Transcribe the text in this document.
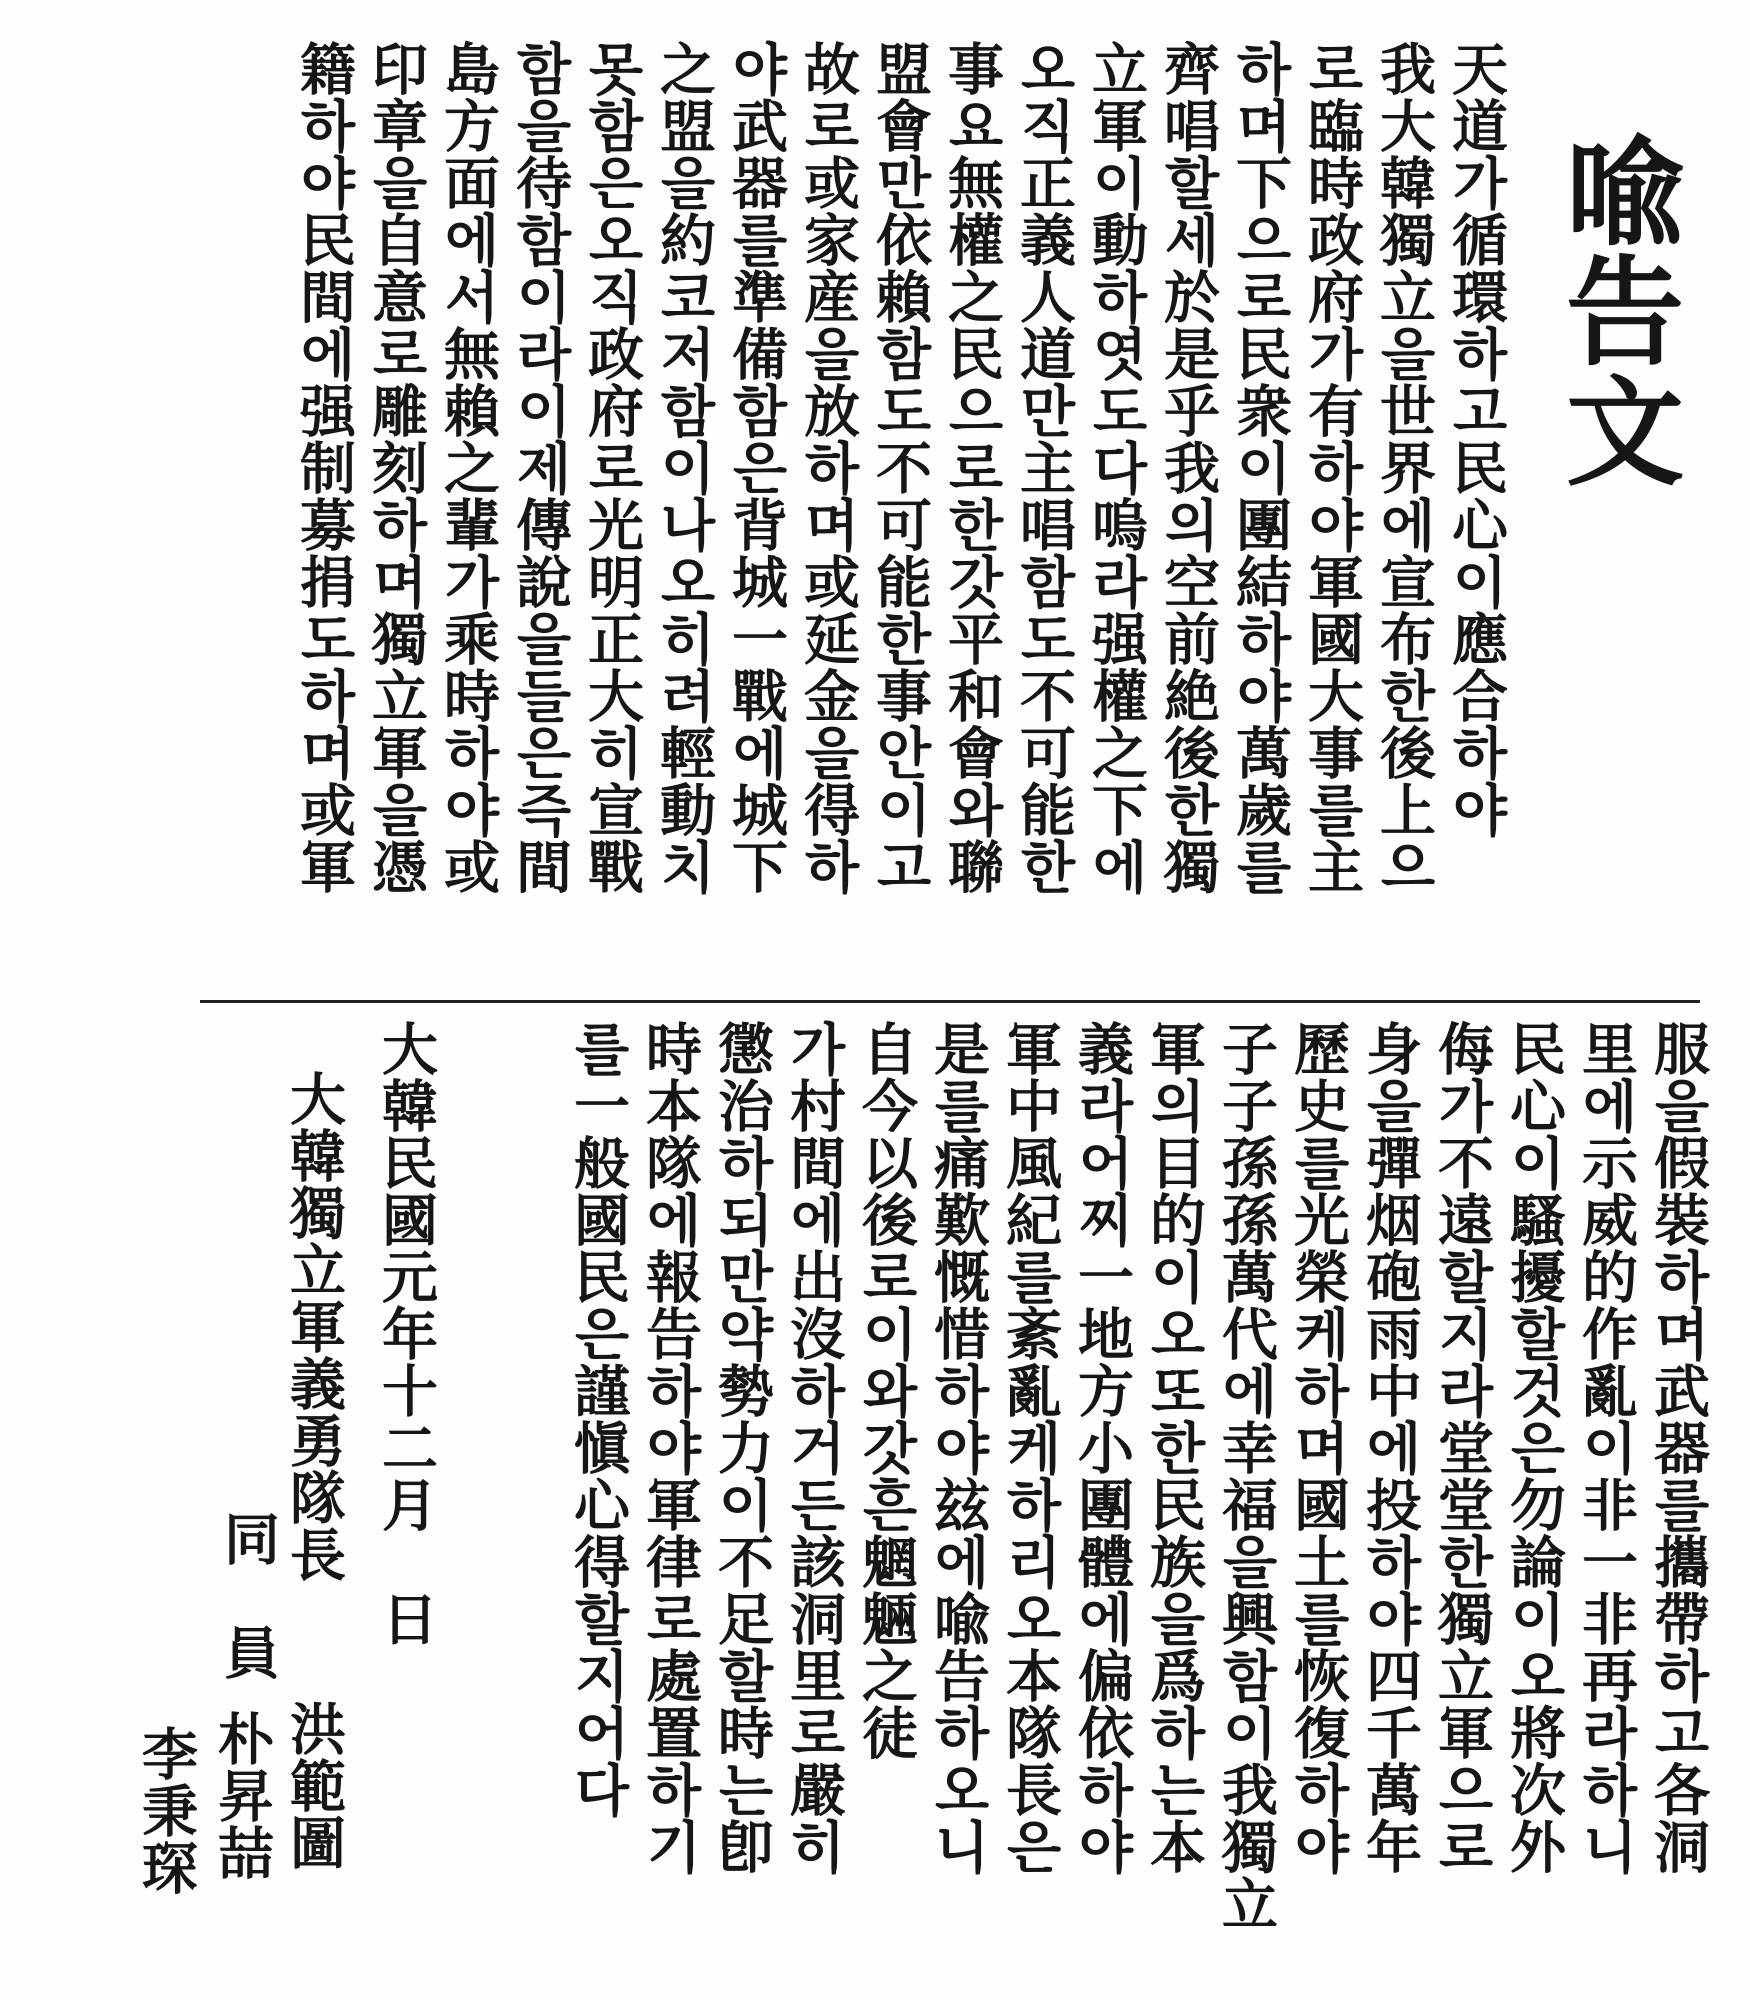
喩告文
天道가循環하고民心이應合하야
我大韓獨立을世界에宣布한後上으
로臨時政府가有하야軍國大事를主
하며下으로民衆이團結하야萬歲를
齊唱할세於是乎我의空前絶後한獨
立軍이動하엿도다嗚라强權之下에
오직正義人道만主唱함도不可能한
事요無權之民으로한갓平和會와聯
盟會만依賴함도不可能한事안이고
故로或家産을放하며或延金을得하
야武器를準備함은背城一戰에城下
之盟을約코저함이나오히려輕動치
못함은오직政府로光明正大히宣戰
함을待함이라이제傳說을들은즉間
島方面에서無賴之輩가乘時하야或
印章을自意로雕刻하며獨立軍을憑
籍하야民間에强制募捐도하며或軍
服을假裝하며武器를攜帶하고各洞
里에示威的作亂이非一非再라하니
民心이騷擾할것은勿論이오將次外
侮가不遠할지라堂堂한獨立軍으로
身을彈烟砲雨中에投하야四千萬年
歷史를光榮케하며國土를恢復하야
子子孫孫萬代에幸福을興함이我獨立
軍의目的이오또한民族을爲하는本
義라어찌一地方小團體에偏依하야
軍中風紀를紊亂케하리오本隊長은
是를痛歎慨惜하야玆에喩告하오니
自今以後로이와갓흔魍魎之徒
가村間에出沒하거든該洞里로嚴히
懲治하되만약勢力이不足할時는卽
時本隊에報告하야軍律로處置하기
를一般國民은謹愼心得할지어다
大韓民國元年十二月　日
大韓獨立軍義勇隊長
同　員
洪範圖
朴昇喆
李秉琛
